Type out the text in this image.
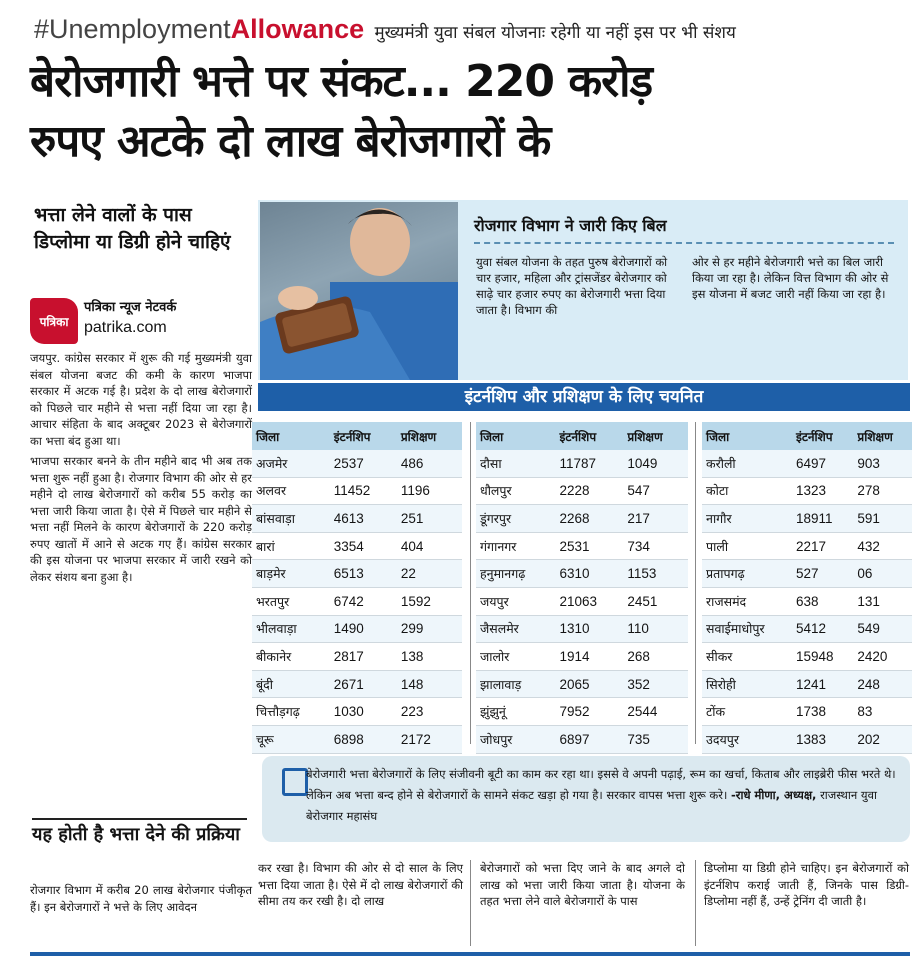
#UnemploymentAllowance मुख्यमंत्री युवा संबल योजनाः रहेगी या नहीं इस पर भी संशय
बेरोजगारी भत्ते पर संकट... 220 करोड़
रुपए अटके दो लाख बेरोजगारों के
भत्ता लेने वालों के पास डिप्लोमा या डिग्री होने चाहिएं
पत्रिका
पत्रिका न्यूज नेटवर्क
patrika.com

जयपुर. कांग्रेस सरकार में शुरू की गई मुख्यमंत्री युवा संबल योजना बजट की कमी के कारण भाजपा सरकार में अटक गई है। प्रदेश के दो लाख बेरोजगारों को पिछले चार महीने से भत्ता नहीं दिया जा रहा है। आचार संहिता के बाद अक्टूबर 2023 से बेरोजगारों का भत्ता बंद हुआ था।

भाजपा सरकार बनने के तीन महीने बाद भी अब तक भत्ता शुरू नहीं हुआ है। रोजगार विभाग की ओर से हर महीने दो लाख बेरोजगारों को करीब 55 करोड़ का भत्ता जारी किया जाता है। ऐसे में पिछले चार महीने से भत्ता नहीं मिलने के कारण बेरोजगारों के 220 करोड़ रुपए खातों में आने से अटक गए हैं। कांग्रेस सरकार की इस योजना पर भाजपा सरकार में जारी रखने को लेकर संशय बना हुआ है।

यह होती है भत्ता देने की प्रक्रिया
रोजगार विभाग में करीब 20 लाख बेरोजगार पंजीकृत हैं। इन बेरोजगारों ने भत्ते के लिए आवेदन
रोजगार विभाग ने जारी किए बिल
युवा संबल योजना के तहत पुरुष बेरोजगारों को चार हजार, महिला और ट्रांसजेंडर बेरोजगार को साढ़े चार हजार रुपए का बेरोजगारी भत्ता दिया जाता है। विभाग की
ओर से हर महीने बेरोजगारी भत्ते का बिल जारी किया जा रहा है। लेकिन वित्त विभाग की ओर से इस योजना में बजट जारी नहीं किया जा रहा है।
इंटर्नशिप और प्रशिक्षण के लिए चयनित
जिला	इंटर्नशिप	प्रशिक्षण
अजमेर	2537	486
अलवर	11452	1196
बांसवाड़ा	4613	251
बारां	3354	404
बाड़मेर	6513	22
भरतपुर	6742	1592
भीलवाड़ा	1490	299
बीकानेर	2817	138
बूंदी	2671	148
चित्तौड़गढ़	1030	223
चूरू	6898	2172
जिला	इंटर्नशिप	प्रशिक्षण
दौसा	11787	1049
धौलपुर	2228	547
डूंगरपुर	2268	217
गंगानगर	2531	734
हनुमानगढ़	6310	1153
जयपुर	21063	2451
जैसलमेर	1310	110
जालोर	1914	268
झालावाड़	2065	352
झुंझुनूं	7952	2544
जोधपुर	6897	735
जिला	इंटर्नशिप	प्रशिक्षण
करौली	6497	903
कोटा	1323	278
नागौर	18911	591
पाली	2217	432
प्रतापगढ़	527	06
राजसमंद	638	131
सवाईमाधोपुर	5412	549
सीकर	15948	2420
सिरोही	1241	248
टोंक	1738	83
उदयपुर	1383	202
बेरोजगारी भत्ता बेरोजगारों के लिए संजीवनी बूटी का काम कर रहा था। इससे वे अपनी पढ़ाई, रूम का खर्चा, किताब और लाइब्रेरी फीस भरते थे। लेकिन अब भत्ता बन्द होने से बेरोजगारों के सामने संकट खड़ा हो गया है। सरकार वापस भत्ता शुरू करे। -राधे मीणा, अध्यक्ष, राजस्थान युवा बेरोजगार महासंघ
कर रखा है। विभाग की ओर से दो साल के लिए भत्ता दिया जाता है। ऐसे में दो लाख बेरोजगारों की सीमा तय कर रखी है। दो लाख
बेरोजगारों को भत्ता दिए जाने के बाद अगले दो लाख को भत्ता जारी किया जाता है। योजना के तहत भत्ता लेने वाले बेरोजगारों के पास
डिप्लोमा या डिग्री होने चाहिए। इन बेरोजगारों को इंटर्नशिप कराई जाती हैं, जिनके पास डिग्री-डिप्लोमा नहीं हैं, उन्हें ट्रेनिंग दी जाती है।
